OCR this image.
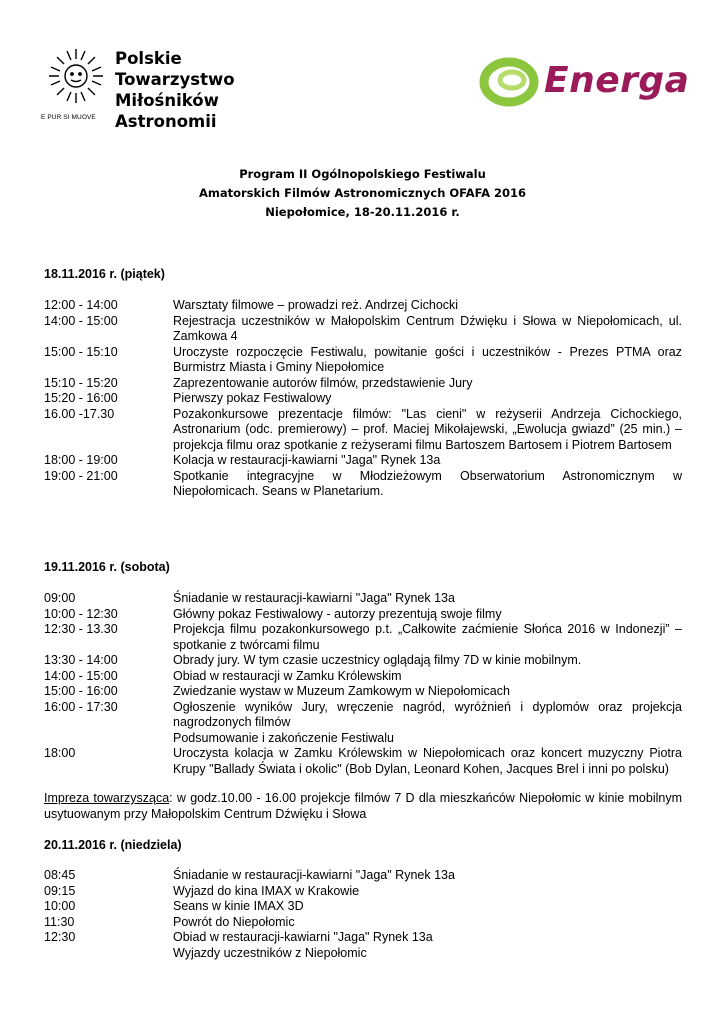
E PUR SI MUOVE
Polskie
Towarzystwo
Miłośników
Astronomii
Energa
Program II Ogólnopolskiego Festiwalu
Amatorskich Filmów Astronomicznych OFAFA 2016
Niepołomice, 18-20.11.2016 r.
18.11.2016 r. (piątek)
12:00 - 14:00	Warsztaty filmowe – prowadzi reż. Andrzej Cichocki
14:00 - 15:00	Rejestracja uczestników w Małopolskim Centrum Dźwięku i Słowa w Niepołomicach, ul. Zamkowa 4
15:00 - 15:10	Uroczyste rozpoczęcie Festiwalu, powitanie gości i uczestników - Prezes PTMA oraz Burmistrz Miasta i Gminy Niepołomice
15:10 - 15:20	Zaprezentowanie autorów filmów, przedstawienie Jury
15:20 - 16:00	Pierwszy pokaz Festiwalowy
16.00 -17.30	Pozakonkursowe prezentacje filmów: "Las cieni" w reżyserii Andrzeja Cichockiego, Astronarium (odc. premierowy) – prof. Maciej Mikołajewski, „Ewolucja gwiazd” (25 min.) – projekcja filmu oraz spotkanie z reżyserami filmu Bartoszem Bartosem i Piotrem Bartosem
18:00 - 19:00	Kolacja w restauracji-kawiarni "Jaga" Rynek 13a
19:00 - 21:00	Spotkanie integracyjne w Młodzieżowym Obserwatorium Astronomicznym w Niepołomicach. Seans w Planetarium.
19.11.2016 r. (sobota)
09:00	Śniadanie w restauracji-kawiarni "Jaga" Rynek 13a
10:00 - 12:30	Główny pokaz Festiwalowy - autorzy prezentują swoje filmy
12:30 - 13.30	Projekcja filmu pozakonkursowego p.t. „Całkowite zaćmienie Słońca 2016 w Indonezji” – spotkanie z twórcami filmu
13:30 - 14:00	Obrady jury. W tym czasie uczestnicy oglądają filmy 7D w kinie mobilnym.
14:00 - 15:00	Obiad w restauracji w Zamku Królewskim
15:00 - 16:00	Zwiedzanie wystaw w Muzeum Zamkowym w Niepołomicach
16:00 - 17:30	Ogłoszenie wyników Jury, wręczenie nagród, wyróżnień i dyplomów oraz projekcja nagrodzonych filmów
Podsumowanie i zakończenie Festiwalu
18:00	Uroczysta kolacja w Zamku Królewskim w Niepołomicach oraz koncert muzyczny Piotra Krupy "Ballady Świata i okolic" (Bob Dylan, Leonard Kohen, Jacques Brel i inni po polsku)
Impreza towarzysząca: w godz.10.00 - 16.00 projekcje filmów 7 D dla mieszkańców Niepołomic w kinie mobilnym usytuowanym przy Małopolskim Centrum Dźwięku i Słowa
20.11.2016 r. (niedziela)
08:45	Śniadanie w restauracji-kawiarni "Jaga" Rynek 13a
09:15	Wyjazd do kina IMAX w Krakowie
10:00	Seans w kinie IMAX 3D
11:30	Powrót do Niepołomic
12:30	Obiad w restauracji-kawiarni "Jaga" Rynek 13a
Wyjazdy uczestników z Niepołomic
